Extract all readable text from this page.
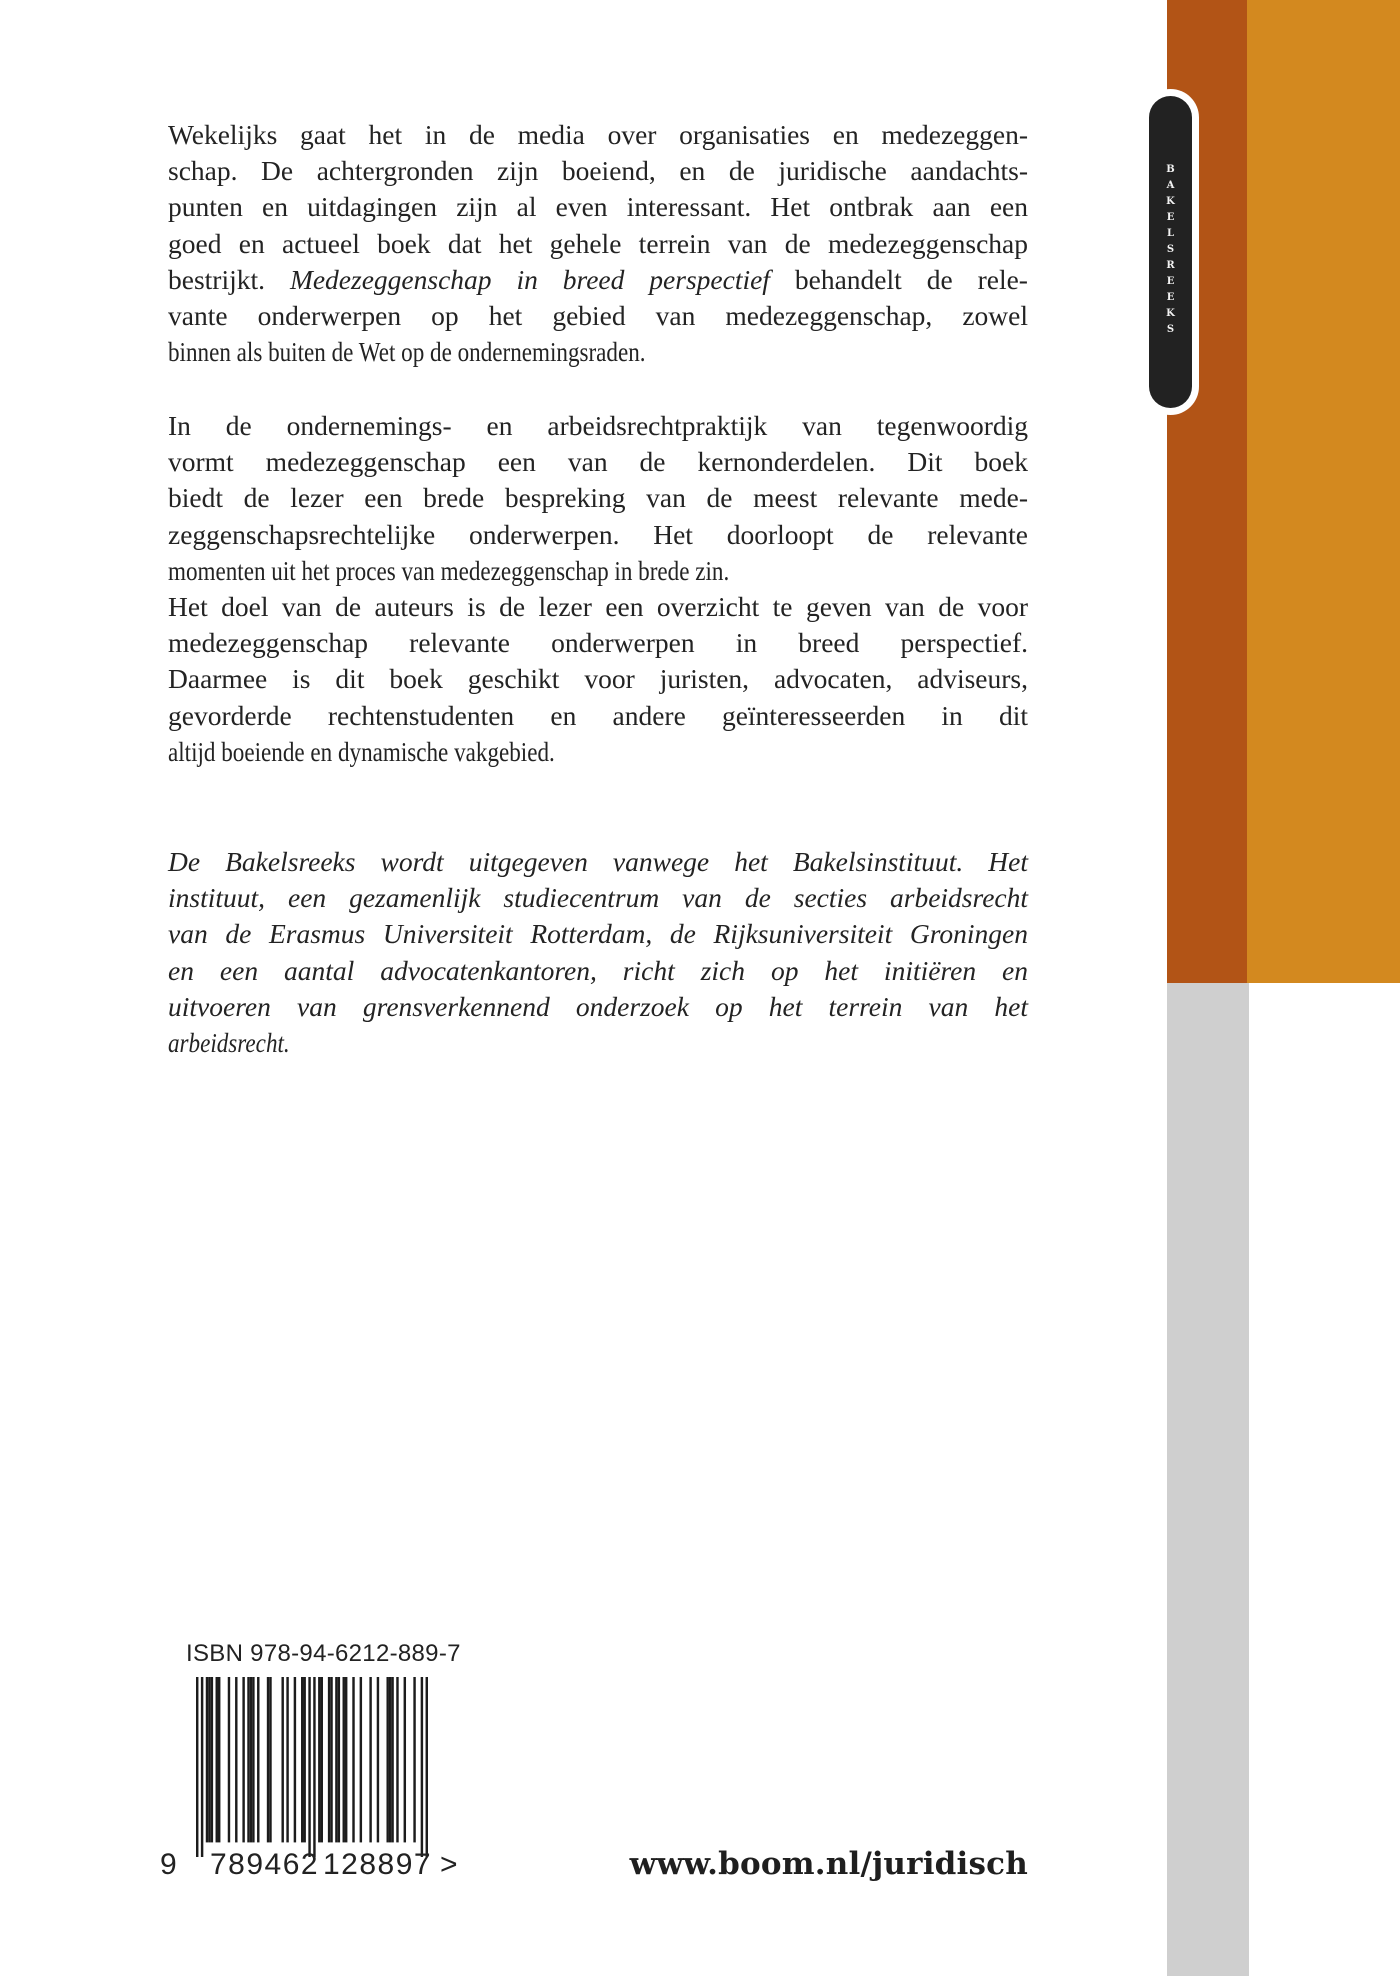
BAKELSREEKS
Wekelijks gaat het in de media over organisaties en medezeggen-
schap. De achtergronden zijn boeiend, en de juridische aandachts-
punten en uitdagingen zijn al even interessant. Het ontbrak aan een
goed en actueel boek dat het gehele terrein van de medezeggenschap
bestrijkt. Medezeggenschap in breed perspectief behandelt de rele-
vante onderwerpen op het gebied van medezeggenschap, zowel
binnen als buiten de Wet op de ondernemingsraden.
In de ondernemings- en arbeidsrechtpraktijk van tegenwoordig
vormt medezeggenschap een van de kernonderdelen. Dit boek
biedt de lezer een brede bespreking van de meest relevante mede-
zeggenschapsrechtelijke onderwerpen. Het doorloopt de relevante
momenten uit het proces van medezeggenschap in brede zin.
Het doel van de auteurs is de lezer een overzicht te geven van de voor
medezeggenschap relevante onderwerpen in breed perspectief.
Daarmee is dit boek geschikt voor juristen, advocaten, adviseurs,
gevorderde rechtenstudenten en andere geïnteresseerden in dit
altijd boeiende en dynamische vakgebied.
De Bakelsreeks wordt uitgegeven vanwege het Bakelsinstituut. Het
instituut, een gezamenlijk studiecentrum van de secties arbeidsrecht
van de Erasmus Universiteit Rotterdam, de Rijksuniversiteit Groningen
en een aantal advocatenkantoren, richt zich op het initiëren en
uitvoeren van grensverkennend onderzoek op het terrein van het
arbeidsrecht.
ISBN 978-94-6212-889-7
9 789462 128897 >	www.boom.nl/juridisch
